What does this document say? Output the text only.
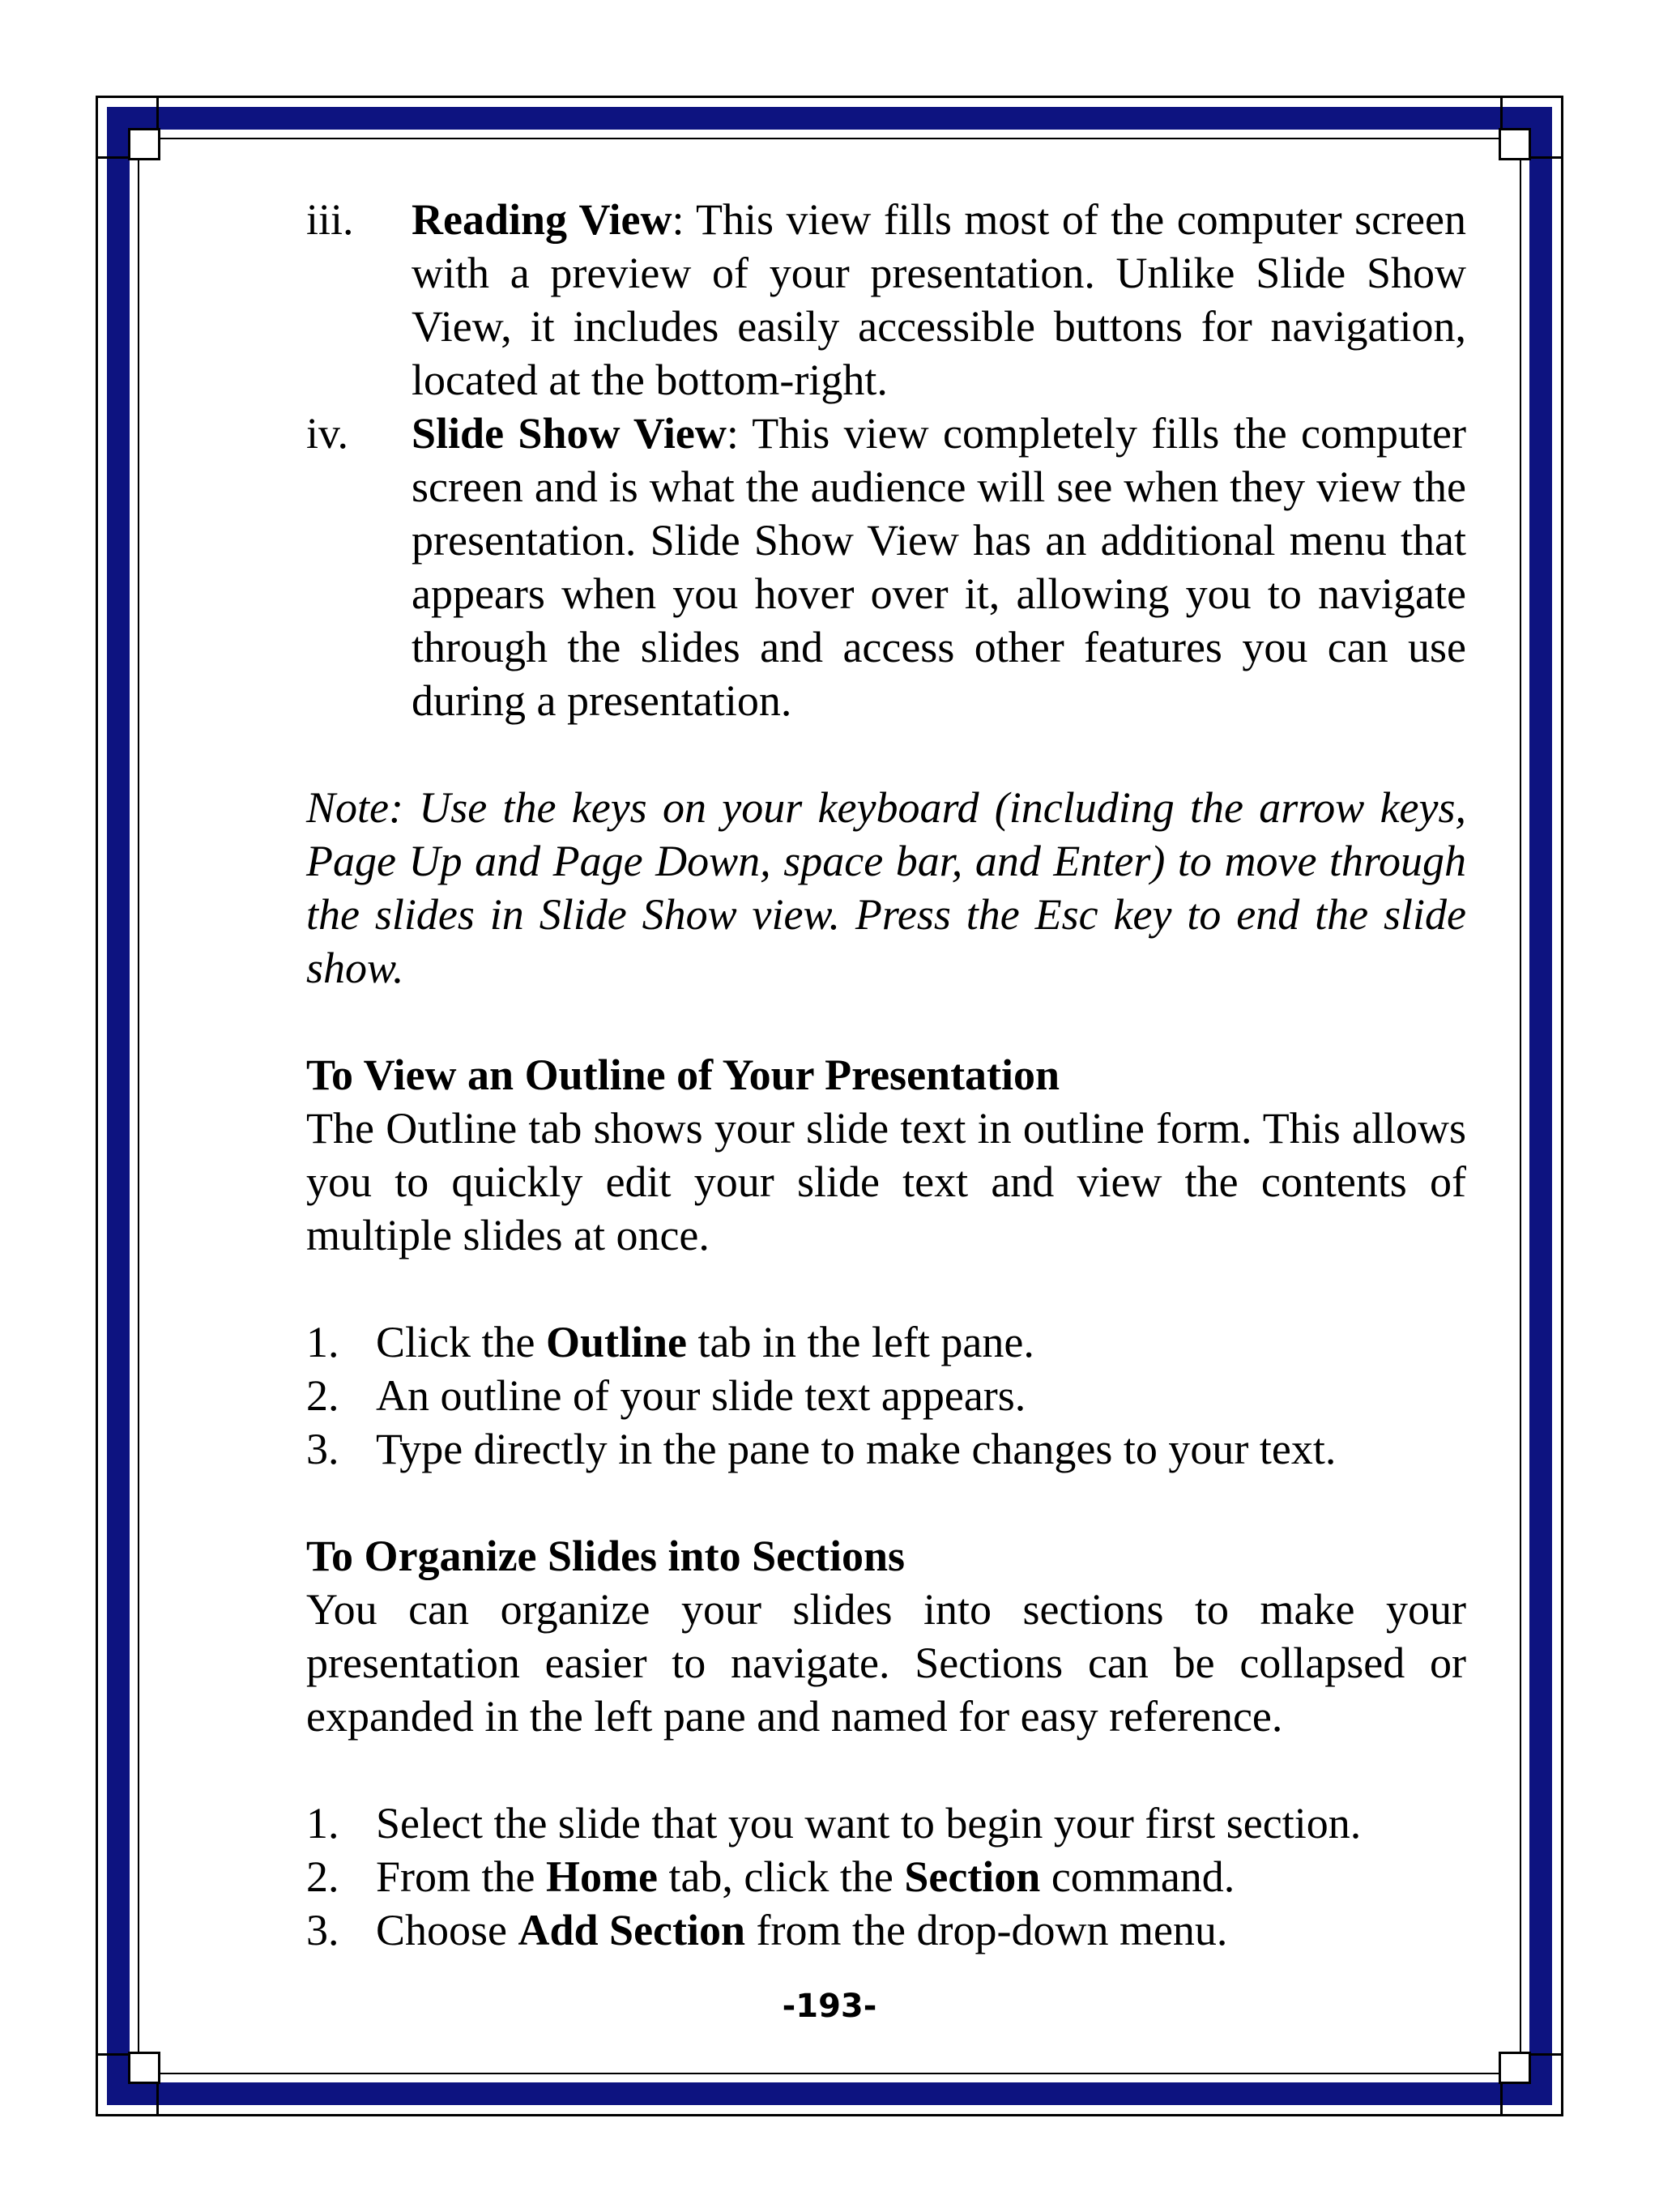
iii. Reading View: This view fills most of the computer screen with a preview of your presentation. Unlike Slide Show View, it includes easily accessible buttons for navigation, located at the bottom-right.
iv. Slide Show View: This view completely fills the computer screen and is what the audience will see when they view the presentation. Slide Show View has an additional menu that appears when you hover over it, allowing you to navigate through the slides and access other features you can use during a presentation.

Note: Use the keys on your keyboard (including the arrow keys, Page Up and Page Down, space bar, and Enter) to move through the slides in Slide Show view. Press the Esc key to end the slide show.

To View an Outline of Your Presentation

The Outline tab shows your slide text in outline form. This allows you to quickly edit your slide text and view the contents of multiple slides at once.

1. Click the Outline tab in the left pane.
2. An outline of your slide text appears.
3. Type directly in the pane to make changes to your text.

To Organize Slides into Sections

You can organize your slides into sections to make your presentation easier to navigate. Sections can be collapsed or expanded in the left pane and named for easy reference.

1. Select the slide that you want to begin your first section.
2. From the Home tab, click the Section command.
3. Choose Add Section from the drop-down menu.
-193-
